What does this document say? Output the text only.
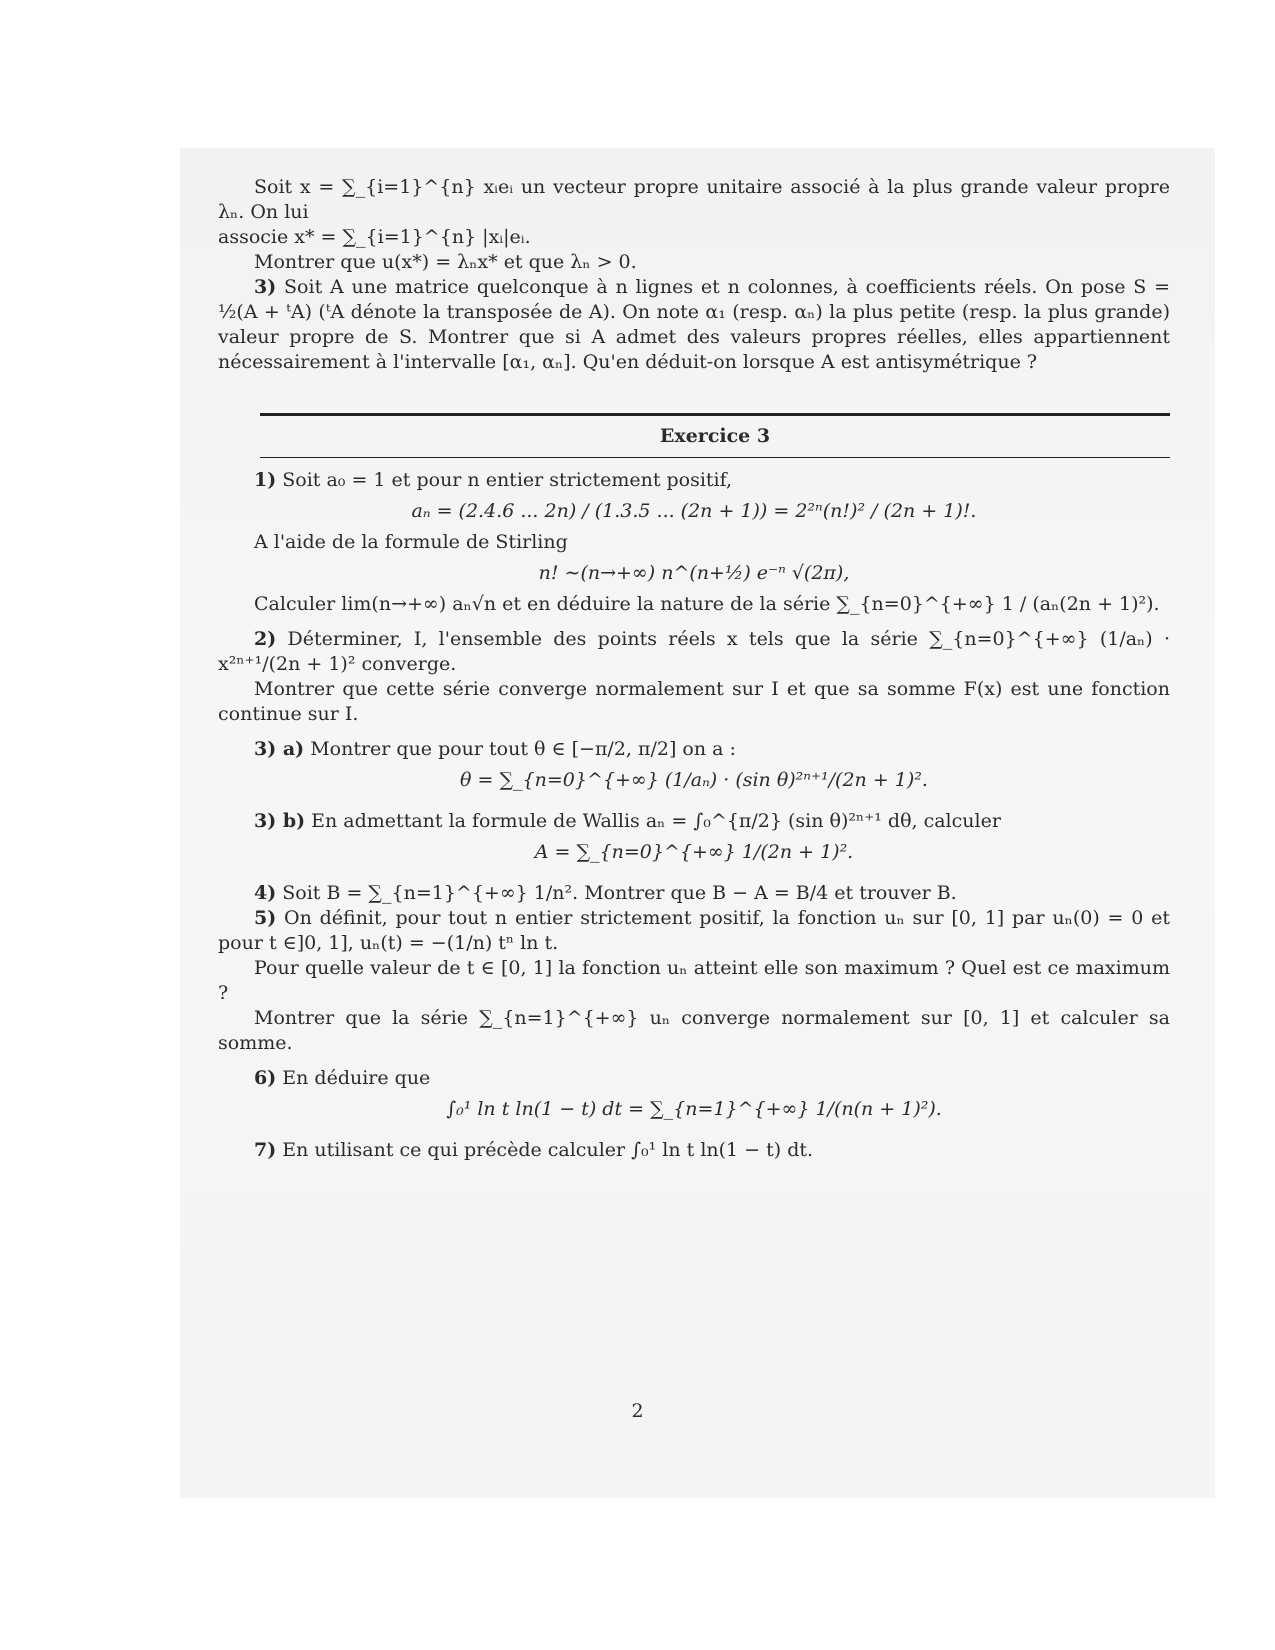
Soit x = ∑_{i=1}^{n} xᵢeᵢ un vecteur propre unitaire associé à la plus grande valeur propre λₙ. On lui

associe x* = ∑_{i=1}^{n} |xᵢ|eᵢ.

Montrer que u(x*) = λₙx* et que λₙ > 0.

3) Soit A une matrice quelconque à n lignes et n colonnes, à coefficients réels. On pose S = ½(A + ᵗA) (ᵗA dénote la transposée de A). On note α₁ (resp. αₙ) la plus petite (resp. la plus grande) valeur propre de S. Montrer que si A admet des valeurs propres réelles, elles appartiennent nécessairement à l'intervalle [α₁, αₙ]. Qu'en déduit-on lorsque A est antisymétrique ?

Exercice 3

1) Soit a₀ = 1 et pour n entier strictement positif,

aₙ = (2.4.6 ... 2n) / (1.3.5 ... (2n + 1)) = 2²ⁿ(n!)² / (2n + 1)!.

A l'aide de la formule de Stirling

n! ∼(n→+∞) n^(n+½) e⁻ⁿ √(2π),

Calculer lim(n→+∞) aₙ√n et en déduire la nature de la série ∑_{n=0}^{+∞} 1 / (aₙ(2n + 1)²).

2) Déterminer, I, l'ensemble des points réels x tels que la série ∑_{n=0}^{+∞} (1/aₙ) · x²ⁿ⁺¹/(2n + 1)² converge.

Montrer que cette série converge normalement sur I et que sa somme F(x) est une fonction continue sur I.

3) a) Montrer que pour tout θ ∈ [−π/2, π/2] on a :

θ = ∑_{n=0}^{+∞} (1/aₙ) · (sin θ)²ⁿ⁺¹/(2n + 1)².

3) b) En admettant la formule de Wallis aₙ = ∫₀^{π/2} (sin θ)²ⁿ⁺¹ dθ, calculer

A = ∑_{n=0}^{+∞} 1/(2n + 1)².

4) Soit B = ∑_{n=1}^{+∞} 1/n². Montrer que B − A = B/4 et trouver B.

5) On définit, pour tout n entier strictement positif, la fonction uₙ sur [0, 1] par uₙ(0) = 0 et pour t ∈]0, 1], uₙ(t) = −(1/n) tⁿ ln t.

Pour quelle valeur de t ∈ [0, 1] la fonction uₙ atteint elle son maximum ? Quel est ce maximum ?

Montrer que la série ∑_{n=1}^{+∞} uₙ converge normalement sur [0, 1] et calculer sa somme.

6) En déduire que

∫₀¹ ln t ln(1 − t) dt = ∑_{n=1}^{+∞} 1/(n(n + 1)²).

7) En utilisant ce qui précède calculer ∫₀¹ ln t ln(1 − t) dt.

2
